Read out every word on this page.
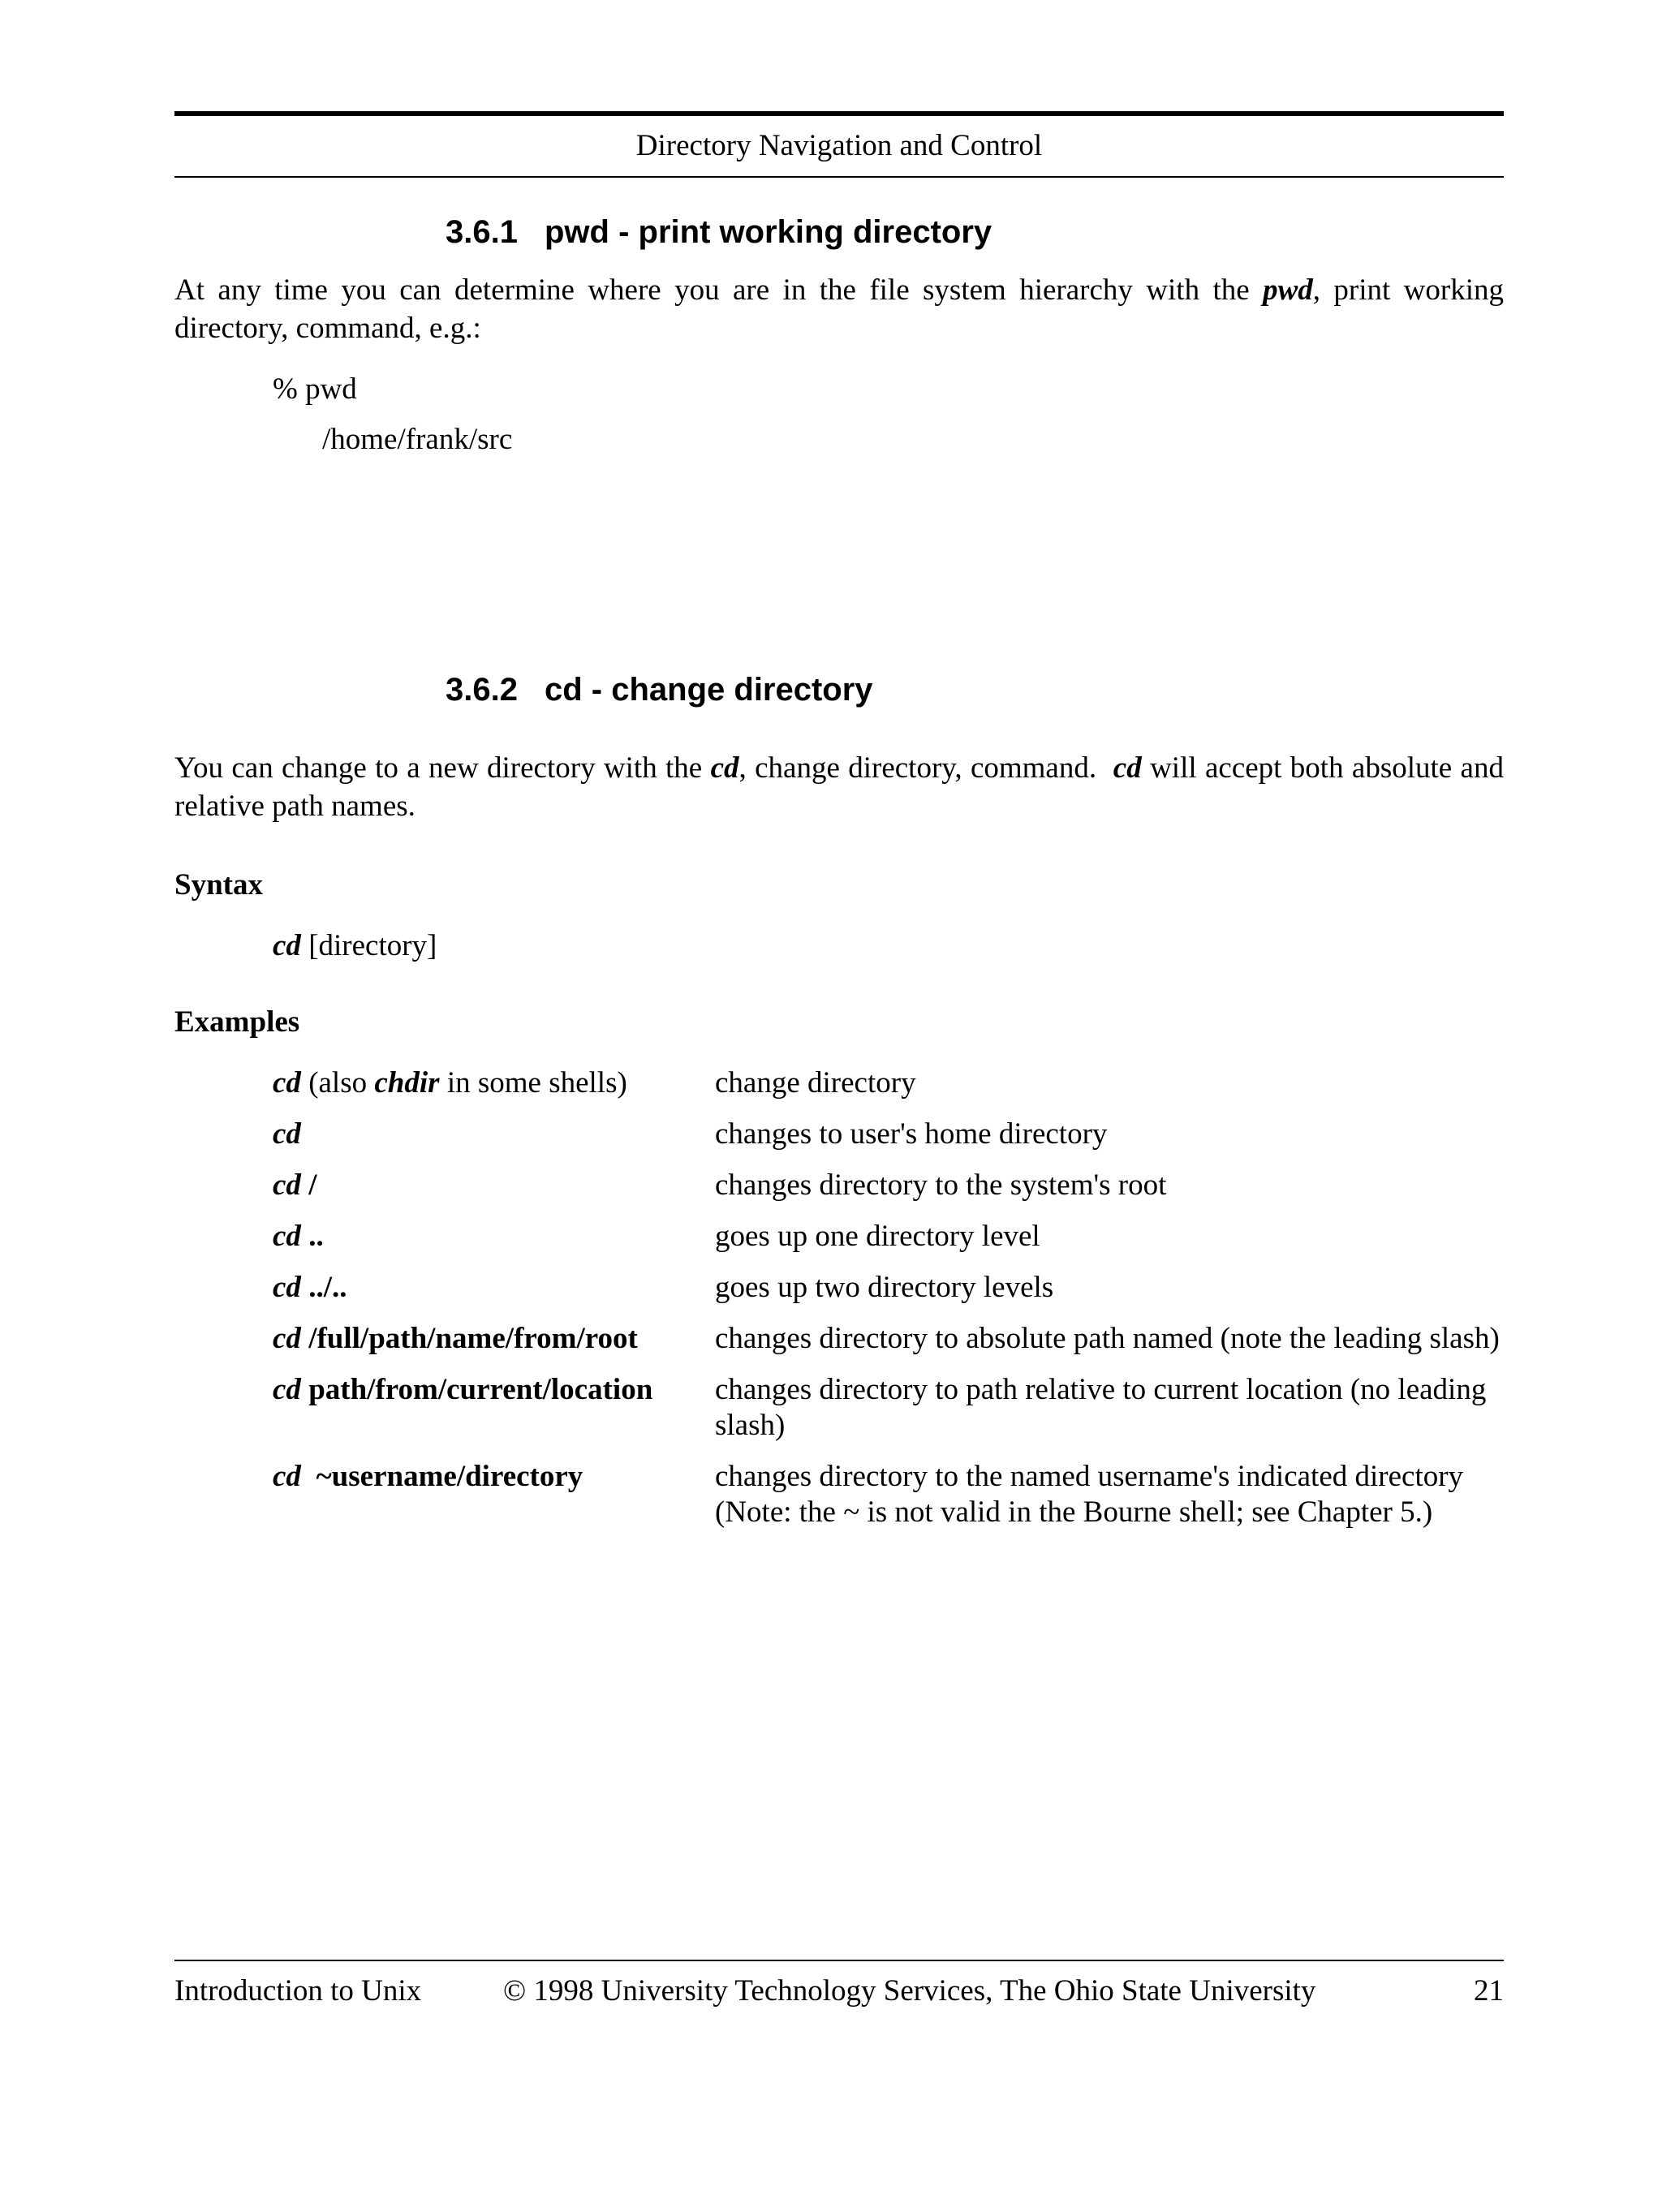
Directory Navigation and Control
3.6.1 pwd - print working directory
At any time you can determine where you are in the file system hierarchy with the pwd, print working directory, command, e.g.:
% pwd
/home/frank/src
3.6.2 cd - change directory
You can change to a new directory with the cd, change directory, command.  cd will accept both absolute and relative path names.
Syntax
cd [directory]
Examples
cd (also chdir in some shells)	change directory
cd	changes to user's home directory
cd /	changes directory to the system's root
cd ..	goes up one directory level
cd ../..	goes up two directory levels
cd /full/path/name/from/root	changes directory to absolute path named (note the leading slash)
cd path/from/current/location	changes directory to path relative to current location (no leading slash)
cd  ~username/directory	changes directory to the named username's indicated directory (Note: the ~ is not valid in the Bourne shell; see Chapter 5.)
Introduction to Unix	© 1998 University Technology Services, The Ohio State University	21
